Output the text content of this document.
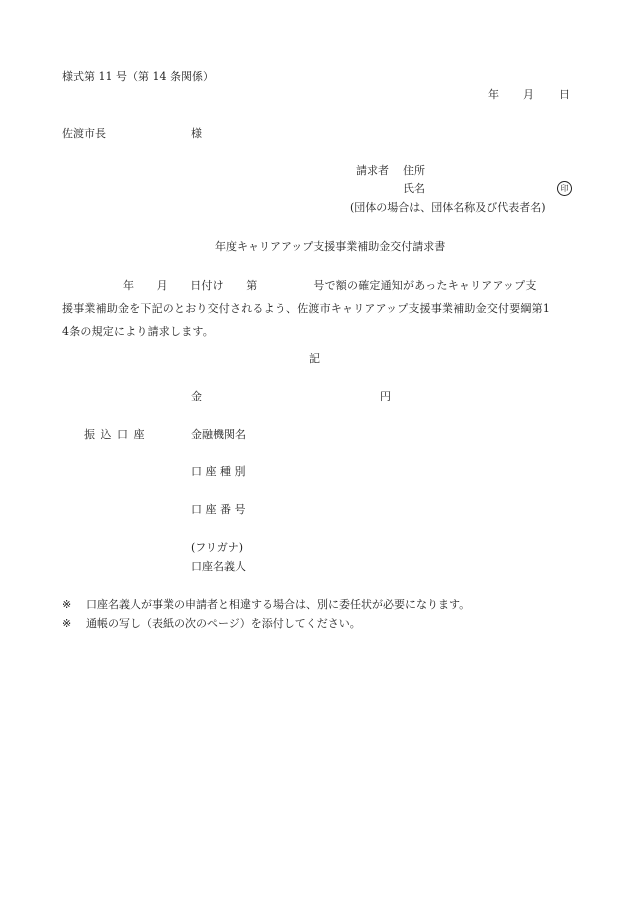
様式第 11 号（第 14 条関係）
年 月 日
佐渡市長	様
請求者 住所
氏名	印
(団体の場合は、団体名称及び代表者名)
年度キャリアアップ支援事業補助金交付請求書
年　　月　　日付け　　第　　　　　号で額の確定通知があったキャリアアップ支
援事業補助金を下記のとおり交付されるよう、佐渡市キャリアアップ支援事業補助金交付要綱第1
4条の規定により請求します。
記
金	円
振 込 口 座	金融機関名
口 座 種 別
口 座 番 号
(フリガナ)
口座名義人
※ 口座名義人が事業の申請者と相違する場合は、別に委任状が必要になります。
※ 通帳の写し（表紙の次のページ）を添付してください。
